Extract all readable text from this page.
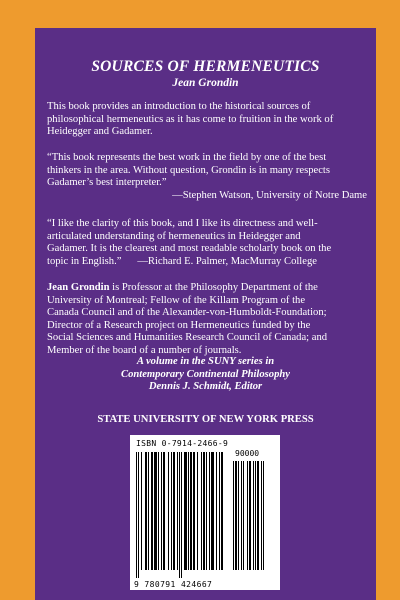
SOURCES OF HERMENEUTICS
Jean Grondin
This book provides an introduction to the historical sources of
philosophical hermeneutics as it has come to fruition in the work of
Heidegger and Gadamer.
“This book represents the best work in the field by one of the best
thinkers in the area. Without question, Grondin is in many respects
Gadamer’s best interpreter.”
—Stephen Watson, University of Notre Dame
“I like the clarity of this book, and I like its directness and well-
articulated understanding of hermeneutics in Heidegger and
Gadamer. It is the clearest and most readable scholarly book on the
topic in English.”      —Richard E. Palmer, MacMurray College
Jean Grondin is Professor at the Philosophy Department of the
University of Montreal; Fellow of the Killam Program of the
Canada Council and of the Alexander-von-Humboldt-Foundation;
Director of a Research project on Hermeneutics funded by the
Social Sciences and Humanities Research Council of Canada; and
Member of the board of a number of journals.
A volume in the SUNY series in
Contemporary Continental Philosophy
Dennis J. Schmidt, Editor
STATE UNIVERSITY OF NEW YORK PRESS
ISBN 0-7914-2466-9
90000
9 780791 424667
